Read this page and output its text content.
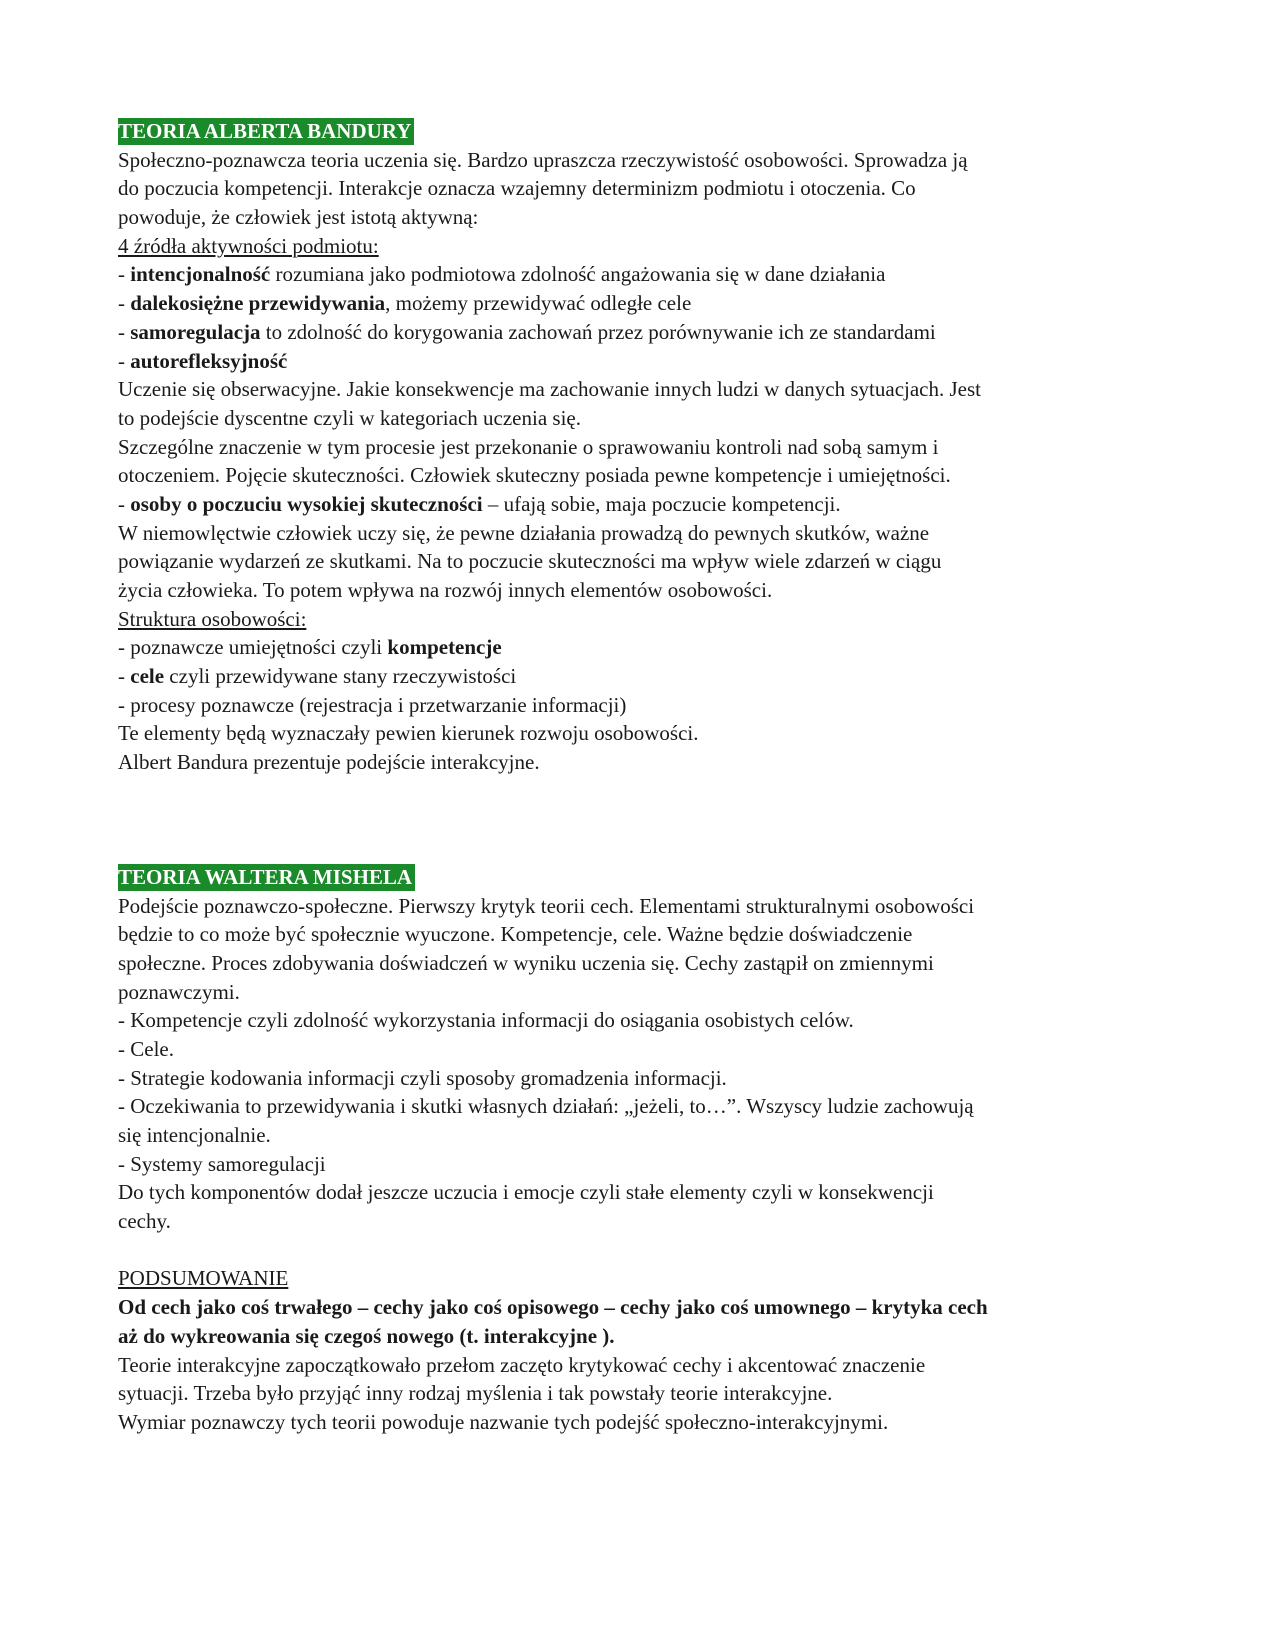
TEORIA ALBERTA BANDURY
Społeczno-poznawcza teoria uczenia się. Bardzo upraszcza rzeczywistość osobowości. Sprowadza ją
do poczucia kompetencji. Interakcje oznacza wzajemny determinizm podmiotu i otoczenia. Co
powoduje, że człowiek jest istotą aktywną:
4 źródła aktywności podmiotu:
- intencjonalność rozumiana jako podmiotowa zdolność angażowania się w dane działania
- dalekosiężne przewidywania, możemy przewidywać odległe cele
- samoregulacja to zdolność do korygowania zachowań przez porównywanie ich ze standardami
- autorefleksyjność
Uczenie się obserwacyjne. Jakie konsekwencje ma zachowanie innych ludzi w danych sytuacjach. Jest
to podejście dyscentne czyli w kategoriach uczenia się.
Szczególne znaczenie w tym procesie jest przekonanie o sprawowaniu kontroli nad sobą samym i
otoczeniem. Pojęcie skuteczności. Człowiek skuteczny posiada pewne kompetencje i umiejętności.
- osoby o poczuciu wysokiej skuteczności – ufają sobie, maja poczucie kompetencji.
W niemowlęctwie człowiek uczy się, że pewne działania prowadzą do pewnych skutków, ważne
powiązanie wydarzeń ze skutkami. Na to poczucie skuteczności ma wpływ wiele zdarzeń w ciągu
życia człowieka. To potem wpływa na rozwój innych elementów osobowości.
Struktura osobowości:
- poznawcze umiejętności czyli kompetencje
- cele czyli przewidywane stany rzeczywistości
- procesy poznawcze (rejestracja i przetwarzanie informacji)
Te elementy będą wyznaczały pewien kierunek rozwoju osobowości.
Albert Bandura prezentuje podejście interakcyjne.
TEORIA WALTERA MISHELA
Podejście poznawczo-społeczne. Pierwszy krytyk teorii cech. Elementami strukturalnymi osobowości
będzie to co może być społecznie wyuczone. Kompetencje, cele. Ważne będzie doświadczenie
społeczne. Proces zdobywania doświadczeń w wyniku uczenia się. Cechy zastąpił on zmiennymi
poznawczymi.
- Kompetencje czyli zdolność wykorzystania informacji do osiągania osobistych celów.
- Cele.
- Strategie kodowania informacji czyli sposoby gromadzenia informacji.
- Oczekiwania to przewidywania i skutki własnych działań: „jeżeli, to…”. Wszyscy ludzie zachowują
się intencjonalnie.
- Systemy samoregulacji
Do tych komponentów dodał jeszcze uczucia i emocje czyli stałe elementy czyli w konsekwencji
cechy.
PODSUMOWANIE
Od cech jako coś trwałego – cechy jako coś opisowego – cechy jako coś umownego – krytyka cech
aż do wykreowania się czegoś nowego (t. interakcyjne ).
Teorie interakcyjne zapoczątkowało przełom zaczęto krytykować cechy i akcentować znaczenie
sytuacji. Trzeba było przyjąć inny rodzaj myślenia i tak powstały teorie interakcyjne.
Wymiar poznawczy tych teorii powoduje nazwanie tych podejść społeczno-interakcyjnymi.
